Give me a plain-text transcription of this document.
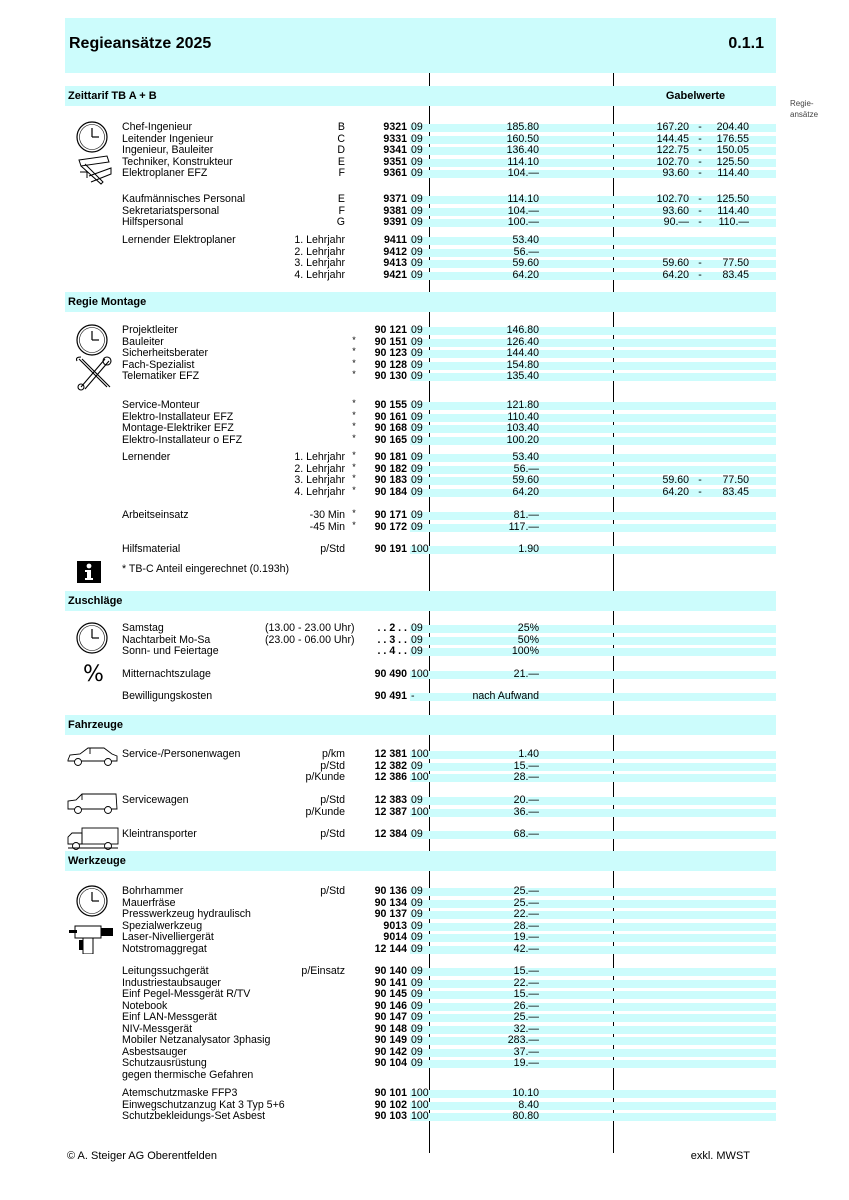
Regieansätze 2025	0.1.1
Zeittarif TB A + B	Gabelwerte
Chef-Ingenieur	B	9321 09	185.80	167.20 -	204.40
Leitender Ingenieur	C	9331 09	160.50	144.45 -	176.55
Ingenieur, Bauleiter	D	9341 09	136.40	122.75 -	150.05
Techniker, Konstrukteur	E	9351 09	114.10	102.70 -	125.50
Elektroplaner EFZ	F	9361 09	104.—	93.60 -	114.40
Kaufmännisches Personal	E	9371 09	114.10	102.70 -	125.50
Sekretariatspersonal	F	9381 09	104.—	93.60 -	114.40
Hilfspersonal	G	9391 09	100.—	90.— -	110.—
Lernender Elektroplaner	1. Lehrjahr	9411 09	53.40
2. Lehrjahr	9412 09	56.—
3. Lehrjahr	9413 09	59.60	59.60 -	77.50
4. Lehrjahr	9421 09	64.20	64.20 -	83.45
Regie Montage
Projektleiter	90 121 09	146.80
Bauleiter	*	90 151 09	126.40
Sicherheitsberater	*	90 123 09	144.40
Fach-Spezialist	*	90 128 09	154.80
Telematiker EFZ	*	90 130 09	135.40
Service-Monteur	*	90 155 09	121.80
Elektro-Installateur EFZ	*	90 161 09	110.40
Montage-Elektriker EFZ	*	90 168 09	103.40
Elektro-Installateur o EFZ	*	90 165 09	100.20
Lernender	1. Lehrjahr *	90 181 09	53.40
2. Lehrjahr *	90 182 09	56.—
3. Lehrjahr *	90 183 09	59.60	59.60 -	77.50
4. Lehrjahr *	90 184 09	64.20	64.20 -	83.45
Arbeitseinsatz	-30 Min *	90 171 09	81.—
-45 Min *	90 172 09	117.—
Hilfsmaterial	p/Std	90 191 100	1.90
* TB-C Anteil eingerechnet (0.193h)
Zuschläge
Samstag	(13.00 - 23.00 Uhr)	. . 2 . . 09	25%
Nachtarbeit Mo-Sa	(23.00 - 06.00 Uhr)	. . 3 . . 09	50%
Sonn- und Feiertage	. . 4 . . 09	100%
Mitternachtszulage	90 490 100	21.—
Bewilligungskosten	90 491 -	nach Aufwand
%
Fahrzeuge
Service-/Personenwagen	p/km	12 381 100	1.40
p/Std	12 382 09	15.—
p/Kunde	12 386 100	28.—
Servicewagen	p/Std	12 383 09	20.—
p/Kunde	12 387 100	36.—
Kleintransporter	p/Std	12 384 09	68.—
Werkzeuge
Bohrhammer	p/Std	90 136 09	25.—
Mauerfräse	90 134 09	25.—
Presswerkzeug hydraulisch	90 137 09	22.—
Spezialwerkzeug	9013 09	28.—
Laser-Nivelliergerät	9014 09	19.—
Notstromaggregat	12 144 09	42.—
Leitungssuchgerät	p/Einsatz	90 140 09	15.—
Industriestaubsauger	90 141 09	22.—
Einf Pegel-Messgerät R/TV	90 145 09	15.—
Notebook	90 146 09	26.—
Einf LAN-Messgerät	90 147 09	25.—
NIV-Messgerät	90 148 09	32.—
Mobiler Netzanalysator 3phasig	90 149 09	283.—
Asbestsauger	90 142 09	37.—
Schutzausrüstung	90 104 09	19.—
gegen thermische Gefahren
Atemschutzmaske FFP3	90 101 100	10.10
Einwegschutzanzug Kat 3 Typ 5+6	90 102 100	8.40
Schutzbekleidungs-Set Asbest	90 103 100	80.80
Regie-
ansätze
© A. Steiger AG Oberentfelden	exkl. MWST
